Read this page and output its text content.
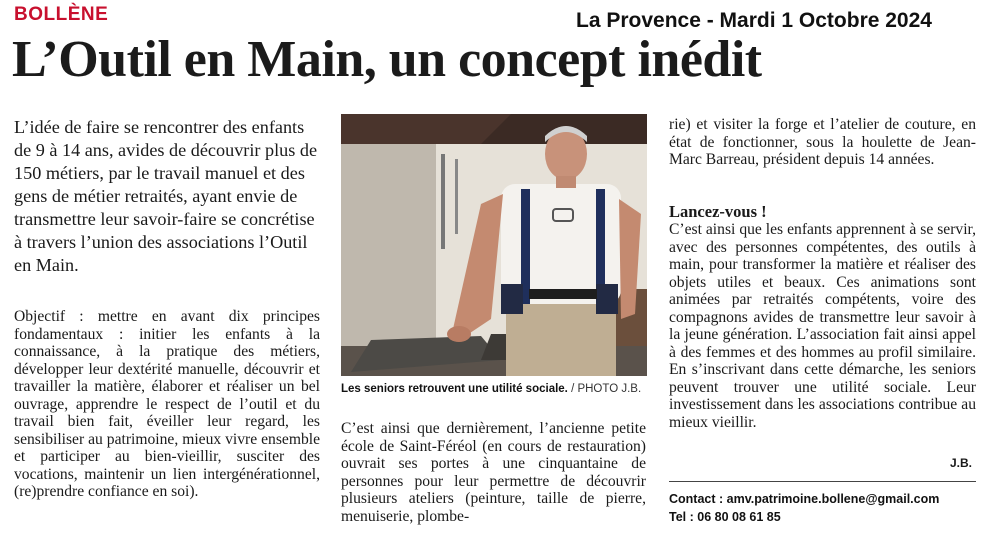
BOLLÈNE	La Provence - Mardi 1 Octobre 2024
L’Outil en Main, un concept inédit

L’idée de faire se rencontrer des enfants de 9 à 14 ans, avides de découvrir plus de 150 métiers, par le travail manuel et des gens de métier retraités, ayant envie de transmettre leur savoir-faire se concrétise à travers l’union des associations l’Outil en Main.

Objectif : mettre en avant dix principes fondamentaux : initier les enfants à la connaissance, à la pratique des métiers, développer leur dextérité manuelle, découvrir et travailler la matière, élaborer et réaliser un bel ouvrage, apprendre le respect de l’outil et du travail bien fait, éveiller leur regard, les sensibiliser au patrimoine, mieux vivre ensemble et participer au bien-vieillir, susciter des vocations, maintenir un lien intergénérationnel, (re)prendre confiance en soi).

Les seniors retrouvent une utilité sociale. / PHOTO J.B.

C’est ainsi que dernièrement, l’ancienne petite école de Saint-Féréol (en cours de restauration) ouvrait ses portes à une cinquantaine de personnes pour leur permettre de découvrir plusieurs ateliers (peinture, taille de pierre, menuiserie, plombe-

rie) et visiter la forge et l’atelier de couture, en état de fonctionner, sous la houlette de Jean-Marc Barreau, président depuis 14 années.

Lancez-vous !

C’est ainsi que les enfants apprennent à se servir, avec des personnes compétentes, des outils à main, pour transformer la matière et réaliser des objets utiles et beaux. Ces animations sont animées par retraités compétents, voire des compagnons avides de transmettre leur savoir à la jeune génération. L’association fait ainsi appel à des femmes et des hommes au profil similaire. En s’inscrivant dans cette démarche, les seniors peuvent trouver une utilité sociale. Leur investissement dans les associations contribue au mieux vieillir.

J.B.
Contact : amv.patrimoine.bollene@gmail.com
Tel : 06 80 08 61 85
